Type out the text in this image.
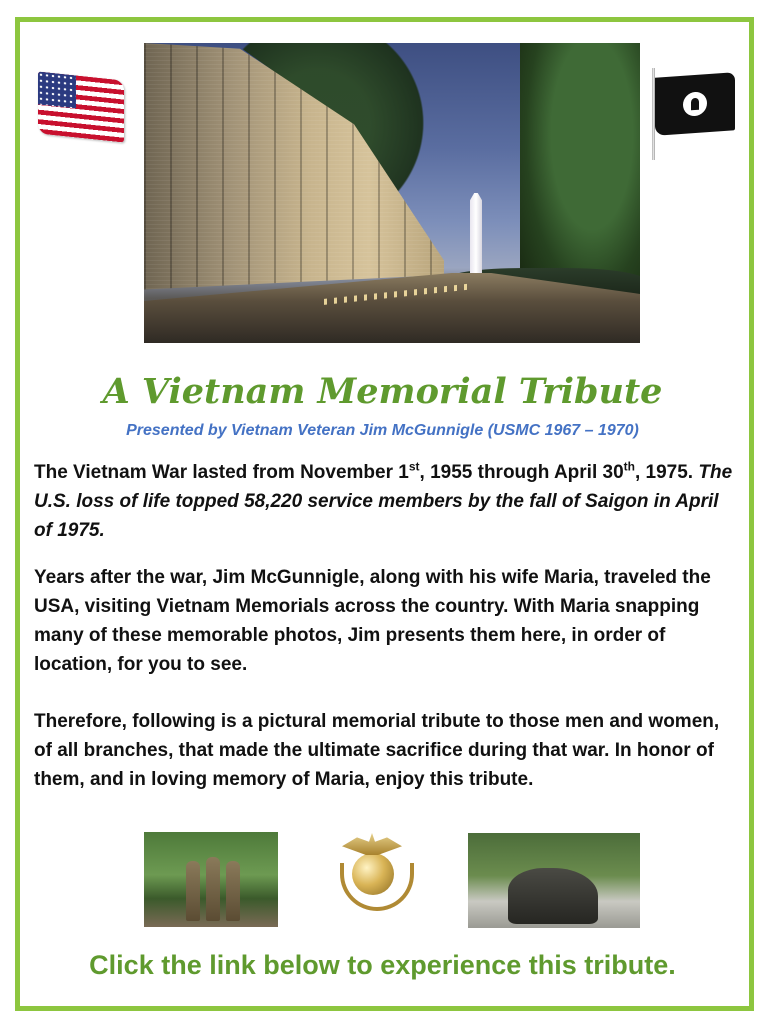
A Vietnam Memorial Tribute

Presented by Vietnam Veteran Jim McGunnigle (USMC 1967 – 1970)

The Vietnam War lasted from November 1st, 1955 through April 30th, 1975. The U.S. loss of life topped 58,220 service members by the fall of Saigon in April of 1975.

Years after the war, Jim McGunnigle, along with his wife Maria, traveled the USA, visiting Vietnam Memorials across the country. With Maria snapping many of these memorable photos, Jim presents them here, in order of location, for you to see.

Therefore, following is a pictural memorial tribute to those men and women, of all branches, that made the ultimate sacrifice during that war. In honor of them, and in loving memory of Maria, enjoy this tribute.

Click the link below to experience this tribute.
